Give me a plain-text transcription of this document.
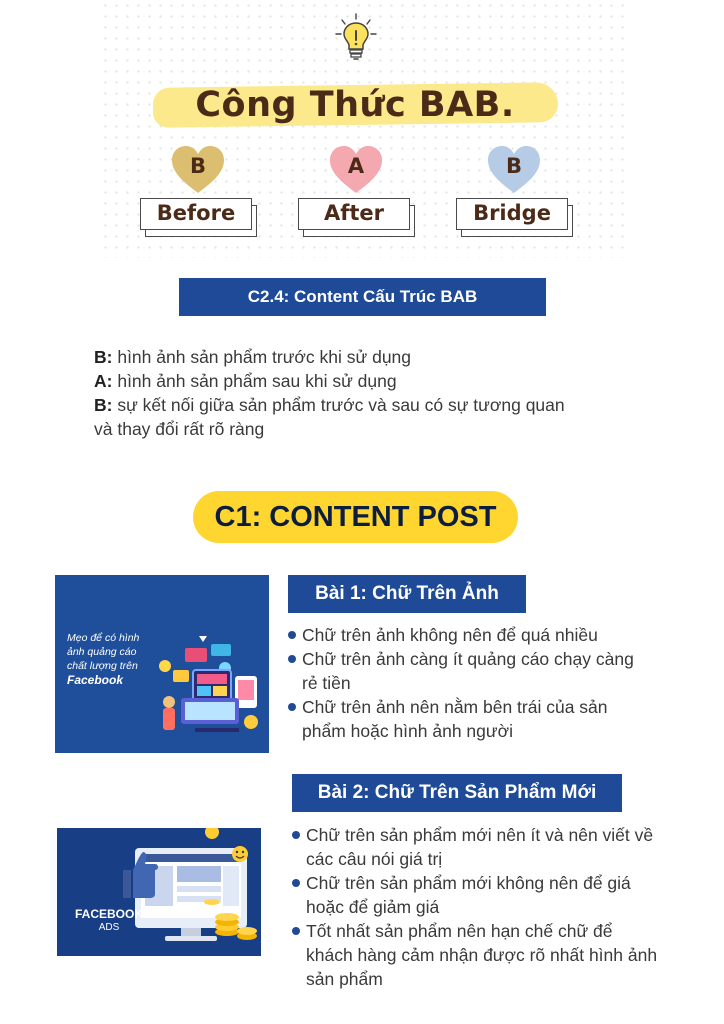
Công Thức BAB.
B	A	B
Before	After	Bridge
C2.4: Content Cấu Trúc BAB
B: hình ảnh sản phẩm trước khi sử dụng
A: hình ảnh sản phẩm sau khi sử dụng
B: sự kết nối giữa sản phẩm trước và sau có sự tương quan
và thay đổi rất rõ ràng
C1: CONTENT POST
Mẹo để có hình
ảnh quảng cáo
chất lượng trên
Facebook
Bài 1: Chữ Trên Ảnh
Chữ trên ảnh không nên để quá nhiều
Chữ trên ảnh càng ít quảng cáo chạy càng rẻ tiền
Chữ trên ảnh nên nằm bên trái của sản phẩm hoặc hình ảnh người
Bài 2: Chữ Trên Sản Phẩm Mới
FACEBOOK
ADS
Chữ trên sản phẩm mới nên ít và nên viết về các câu nói giá trị
Chữ trên sản phẩm mới không nên để giá hoặc để giảm giá
Tốt nhất sản phẩm nên hạn chế chữ để khách hàng cảm nhận được rõ nhất hình ảnh sản phẩm
